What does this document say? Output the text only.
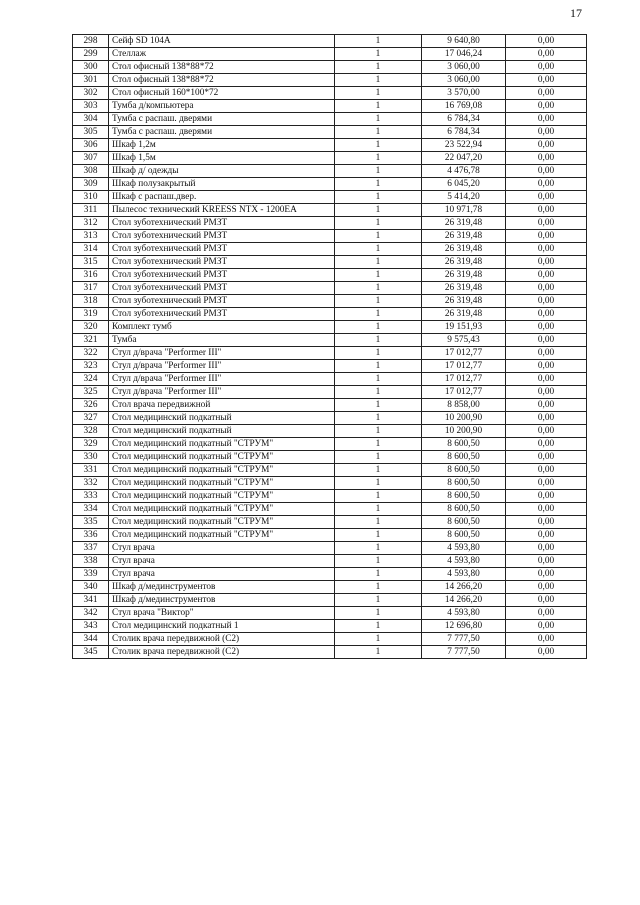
17
298	Сейф SD 104А	1	9 640,80	0,00
299	Стеллаж	1	17 046,24	0,00
300	Стол офисный 138*88*72	1	3 060,00	0,00
301	Стол офисный 138*88*72	1	3 060,00	0,00
302	Стол офисный 160*100*72	1	3 570,00	0,00
303	Тумба д/компьютера	1	16 769,08	0,00
304	Тумба с распаш. дверями	1	6 784,34	0,00
305	Тумба с распаш. дверями	1	6 784,34	0,00
306	Шкаф 1,2м	1	23 522,94	0,00
307	Шкаф 1,5м	1	22 047,20	0,00
308	Шкаф д/ одежды	1	4 476,78	0,00
309	Шкаф полузакрытый	1	6 045,20	0,00
310	Шкаф с распаш.двер.	1	5 414,20	0,00
311	Пылесос технический KREESS NTX - 1200EA	1	10 971,78	0,00
312	Стол зуботехнический РМЗТ	1	26 319,48	0,00
313	Стол зуботехнический РМЗТ	1	26 319,48	0,00
314	Стол зуботехнический РМЗТ	1	26 319,48	0,00
315	Стол зуботехнический РМЗТ	1	26 319,48	0,00
316	Стол зуботехнический РМЗТ	1	26 319,48	0,00
317	Стол зуботехнический РМЗТ	1	26 319,48	0,00
318	Стол зуботехнический РМЗТ	1	26 319,48	0,00
319	Стол зуботехнический РМЗТ	1	26 319,48	0,00
320	Комплект тумб	1	19 151,93	0,00
321	Тумба	1	9 575,43	0,00
322	Стул д/врача "Performer III"	1	17 012,77	0,00
323	Стул д/врача "Performer III"	1	17 012,77	0,00
324	Стул д/врача "Performer III"	1	17 012,77	0,00
325	Стул д/врача "Performer III"	1	17 012,77	0,00
326	Стол врача передвижной	1	8 858,00	0,00
327	Стол медицинский подкатный	1	10 200,90	0,00
328	Стол медицинский подкатный	1	10 200,90	0,00
329	Стол медицинский подкатный "СТРУМ"	1	8 600,50	0,00
330	Стол медицинский подкатный "СТРУМ"	1	8 600,50	0,00
331	Стол медицинский подкатный "СТРУМ"	1	8 600,50	0,00
332	Стол медицинский подкатный "СТРУМ"	1	8 600,50	0,00
333	Стол медицинский подкатный "СТРУМ"	1	8 600,50	0,00
334	Стол медицинский подкатный "СТРУМ"	1	8 600,50	0,00
335	Стол медицинский подкатный "СТРУМ"	1	8 600,50	0,00
336	Стол медицинский подкатный "СТРУМ"	1	8 600,50	0,00
337	Стул врача	1	4 593,80	0,00
338	Стул врача	1	4 593,80	0,00
339	Стул врача	1	4 593,80	0,00
340	Шкаф д/мединструментов	1	14 266,20	0,00
341	Шкаф д/мединструментов	1	14 266,20	0,00
342	Стул врача "Виктор"	1	4 593,80	0,00
343	Стол медицинский подкатный 1	1	12 696,80	0,00
344	Столик врача передвижной (С2)	1	7 777,50	0,00
345	Столик врача передвижной (С2)	1	7 777,50	0,00
